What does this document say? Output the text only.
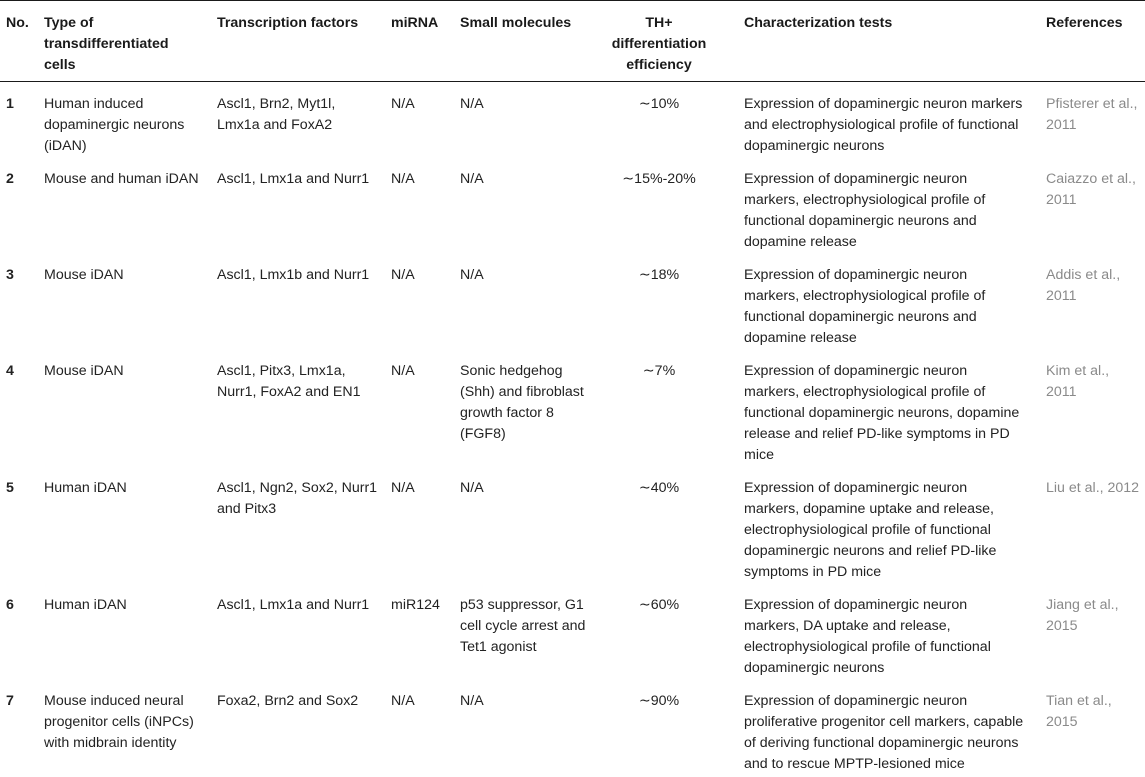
No.	Type of transdifferentiated cells	Transcription factors	miRNA	Small molecules	TH+ differentiation efficiency	Characterization tests	References
1	Human induced dopaminergic neurons (iDAN)	Ascl1, Brn2, Myt1l, Lmx1a and FoxA2	N/A	N/A	∼10%	Expression of dopaminergic neuron markers and electrophysiological profile of functional dopaminergic neurons	Pfisterer et al., 2011
2	Mouse and human iDAN	Ascl1, Lmx1a and Nurr1	N/A	N/A	∼15%-20%	Expression of dopaminergic neuron markers, electrophysiological profile of functional dopaminergic neurons and dopamine release	Caiazzo et al., 2011
3	Mouse iDAN	Ascl1, Lmx1b and Nurr1	N/A	N/A	∼18%	Expression of dopaminergic neuron markers, electrophysiological profile of functional dopaminergic neurons and dopamine release	Addis et al., 2011
4	Mouse iDAN	Ascl1, Pitx3, Lmx1a, Nurr1, FoxA2 and EN1	N/A	Sonic hedgehog (Shh) and fibroblast growth factor 8 (FGF8)	∼7%	Expression of dopaminergic neuron markers, electrophysiological profile of functional dopaminergic neurons, dopamine release and relief PD-like symptoms in PD mice	Kim et al., 2011
5	Human iDAN	Ascl1, Ngn2, Sox2, Nurr1 and Pitx3	N/A	N/A	∼40%	Expression of dopaminergic neuron markers, dopamine uptake and release, electrophysiological profile of functional dopaminergic neurons and relief PD-like symptoms in PD mice	Liu et al., 2012
6	Human iDAN	Ascl1, Lmx1a and Nurr1	miR124	p53 suppressor, G1 cell cycle arrest and Tet1 agonist	∼60%	Expression of dopaminergic neuron markers, DA uptake and release, electrophysiological profile of functional dopaminergic neurons	Jiang et al., 2015
7	Mouse induced neural progenitor cells (iNPCs) with midbrain identity	Foxa2, Brn2 and Sox2	N/A	N/A	∼90%	Expression of dopaminergic neuron proliferative progenitor cell markers, capable of deriving functional dopaminergic neurons and to rescue MPTP-lesioned mice	Tian et al., 2015
